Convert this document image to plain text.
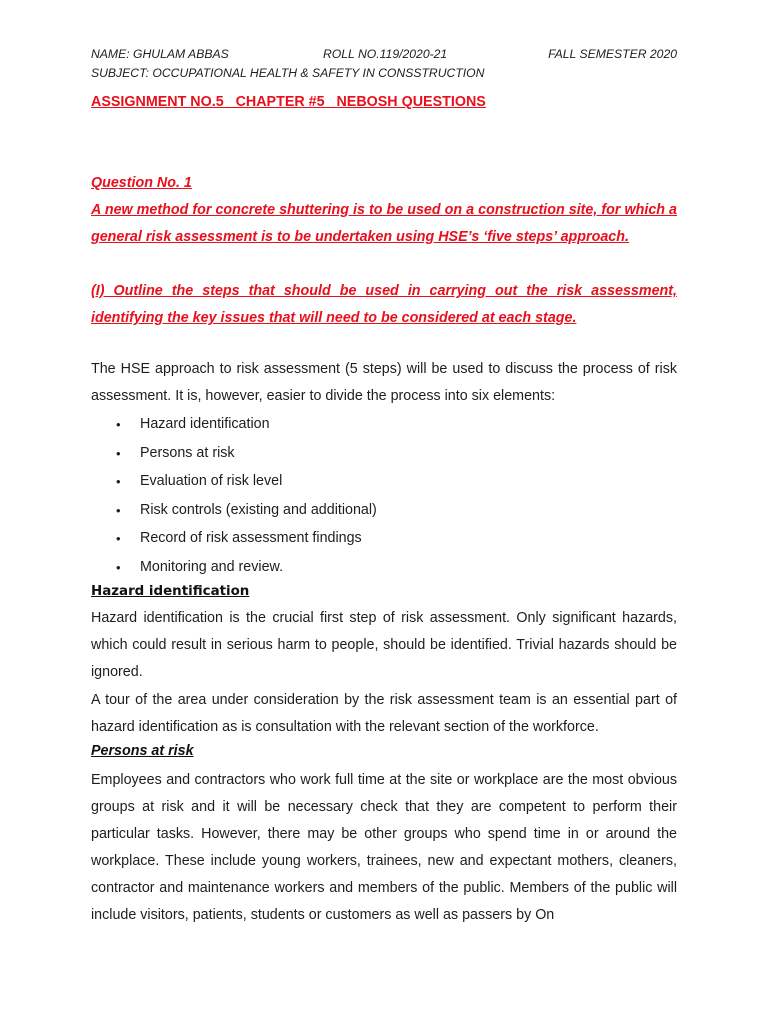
NAME: GHULAM ABBAS	ROLL NO.119/2020-21	FALL SEMESTER 2020
SUBJECT: OCCUPATIONAL HEALTH & SAFETY IN CONSSTRUCTION
ASSIGNMENT NO.5   CHAPTER #5   NEBOSH QUESTIONS
Question No. 1
A new method for concrete shuttering is to be used on a construction site, for which a general risk assessment is to be undertaken using HSE’s ‘five steps’ approach.
(I) Outline the steps that should be used in carrying out the risk assessment, identifying the key issues that will need to be considered at each stage.

The HSE approach to risk assessment (5 steps) will be used to discuss the process of risk assessment. It is, however, easier to divide the process into six elements:

• Hazard identification
• Persons at risk
• Evaluation of risk level
• Risk controls (existing and additional)
• Record of risk assessment findings
• Monitoring and review.
Hazard identification

Hazard identification is the crucial first step of risk assessment. Only significant hazards, which could result in serious harm to people, should be identified. Trivial hazards should be ignored.

A tour of the area under consideration by the risk assessment team is an essential part of hazard identification as is consultation with the relevant section of the workforce.

Persons at risk

Employees and contractors who work full time at the site or workplace are the most obvious groups at risk and it will be necessary check that they are competent to perform their particular tasks. However, there may be other groups who spend time in or around the workplace. These include young workers, trainees, new and expectant mothers, cleaners, contractor and maintenance workers and members of the public. Members of the public will include visitors, patients, students or customers as well as passers by On
